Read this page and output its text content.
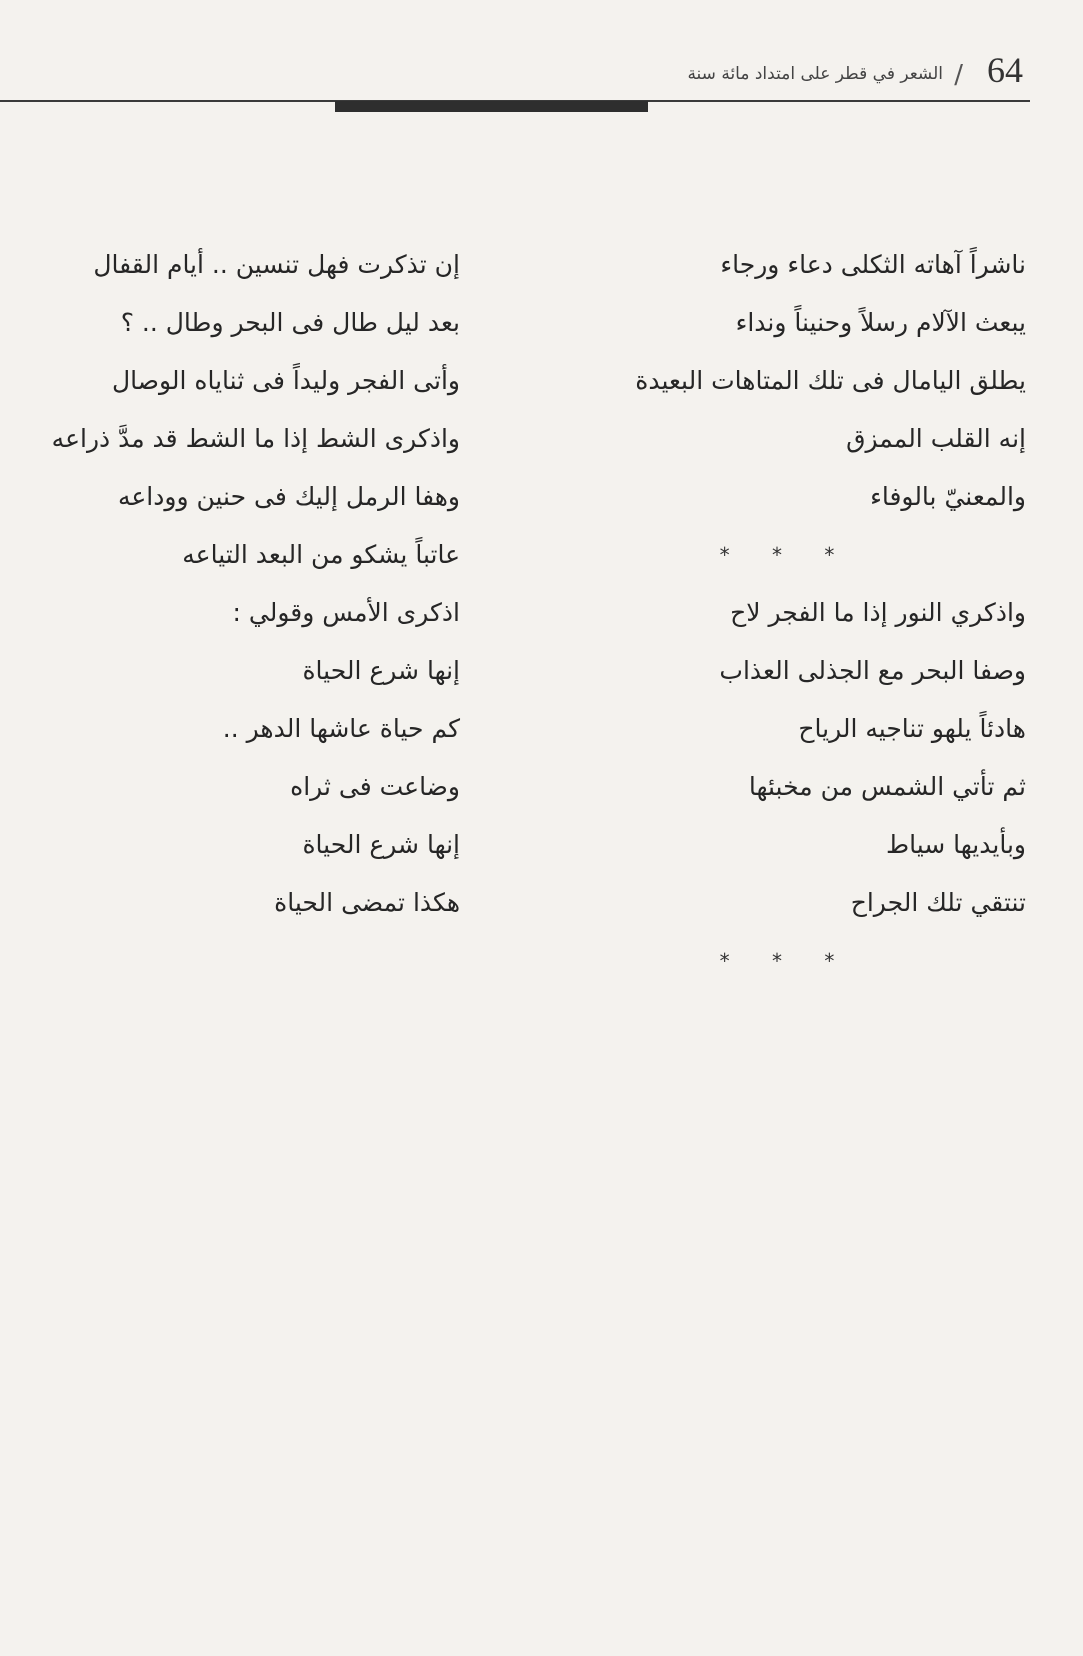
64
/
الشعر في قطر على امتداد مائة سنة
ناشراً آهاته الثكلى دعاء ورجاء
يبعث الآلام رسلاً وحنيناً ونداء
يطلق اليامال فى تلك المتاهات البعيدة
إنه القلب الممزق
والمعنيّ بالوفاء
* * *
واذكري النور إذا ما الفجر لاح
وصفا البحر مع الجذلى العذاب
هادئاً يلهو تناجيه الرياح
ثم تأتي الشمس من مخبئها
وبأيديها سياط
تنتقي تلك الجراح
* * *
إن تذكرت فهل تنسين .. أيام القفال
بعد ليل طال فى البحر وطال .. ؟
وأتى الفجر وليداً فى ثناياه الوصال
واذكرى الشط إذا ما الشط قد مدَّ ذراعه
وهفا الرمل إليك فى حنين ووداعه
عاتباً يشكو من البعد التياعه
اذكرى الأمس وقولي :
إنها شرع الحياة
كم حياة عاشها الدهر ..
وضاعت فى ثراه
إنها شرع الحياة
هكذا تمضى الحياة
